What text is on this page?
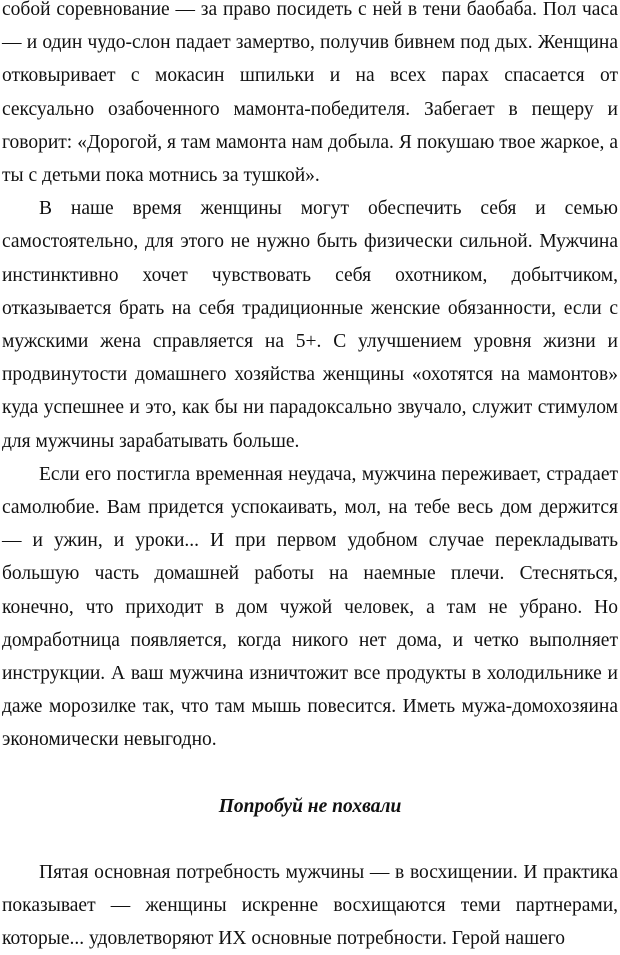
собой соревнование — за право посидеть с ней в тени баобаба. Пол часа — и один чудо-слон падает замертво, получив бивнем под дых. Женщина отковыривает с мокасин шпильки и на всех парах спасается от сексуально озабоченного мамонта-победителя. Забегает в пещеру и говорит: «Дорогой, я там мамонта нам добыла. Я покушаю твое жаркое, а ты с детьми пока мотнись за тушкой».

В наше время женщины могут обеспечить себя и семью самостоятельно, для этого не нужно быть физически сильной. Мужчина инстинктивно хочет чувствовать себя охотником, добытчиком, отказывается брать на себя традиционные женские обязанности, если с мужскими жена справляется на 5+. С улучшением уровня жизни и продвинутости домашнего хозяйства женщины «охотятся на мамонтов» куда успешнее и это, как бы ни парадоксально звучало, служит стимулом для мужчины зарабатывать больше.

Если его постигла временная неудача, мужчина переживает, страдает самолюбие. Вам придется успокаивать, мол, на тебе весь дом держится — и ужин, и уроки... И при первом удобном случае перекладывать большую часть домашней работы на наемные плечи. Стесняться, конечно, что приходит в дом чужой человек, а там не убрано. Но домработница появляется, когда никого нет дома, и четко выполняет инструкции. А ваш мужчина изничтожит все продукты в холодильнике и даже морозилке так, что там мышь повесится. Иметь мужа-домохозяина экономически невыгодно.

Попробуй не похвали

Пятая основная потребность мужчины — в восхищении. И практика показывает — женщины искренне восхищаются теми партнерами, которые... удовлетворяют ИХ основные потребности. Герой нашего
